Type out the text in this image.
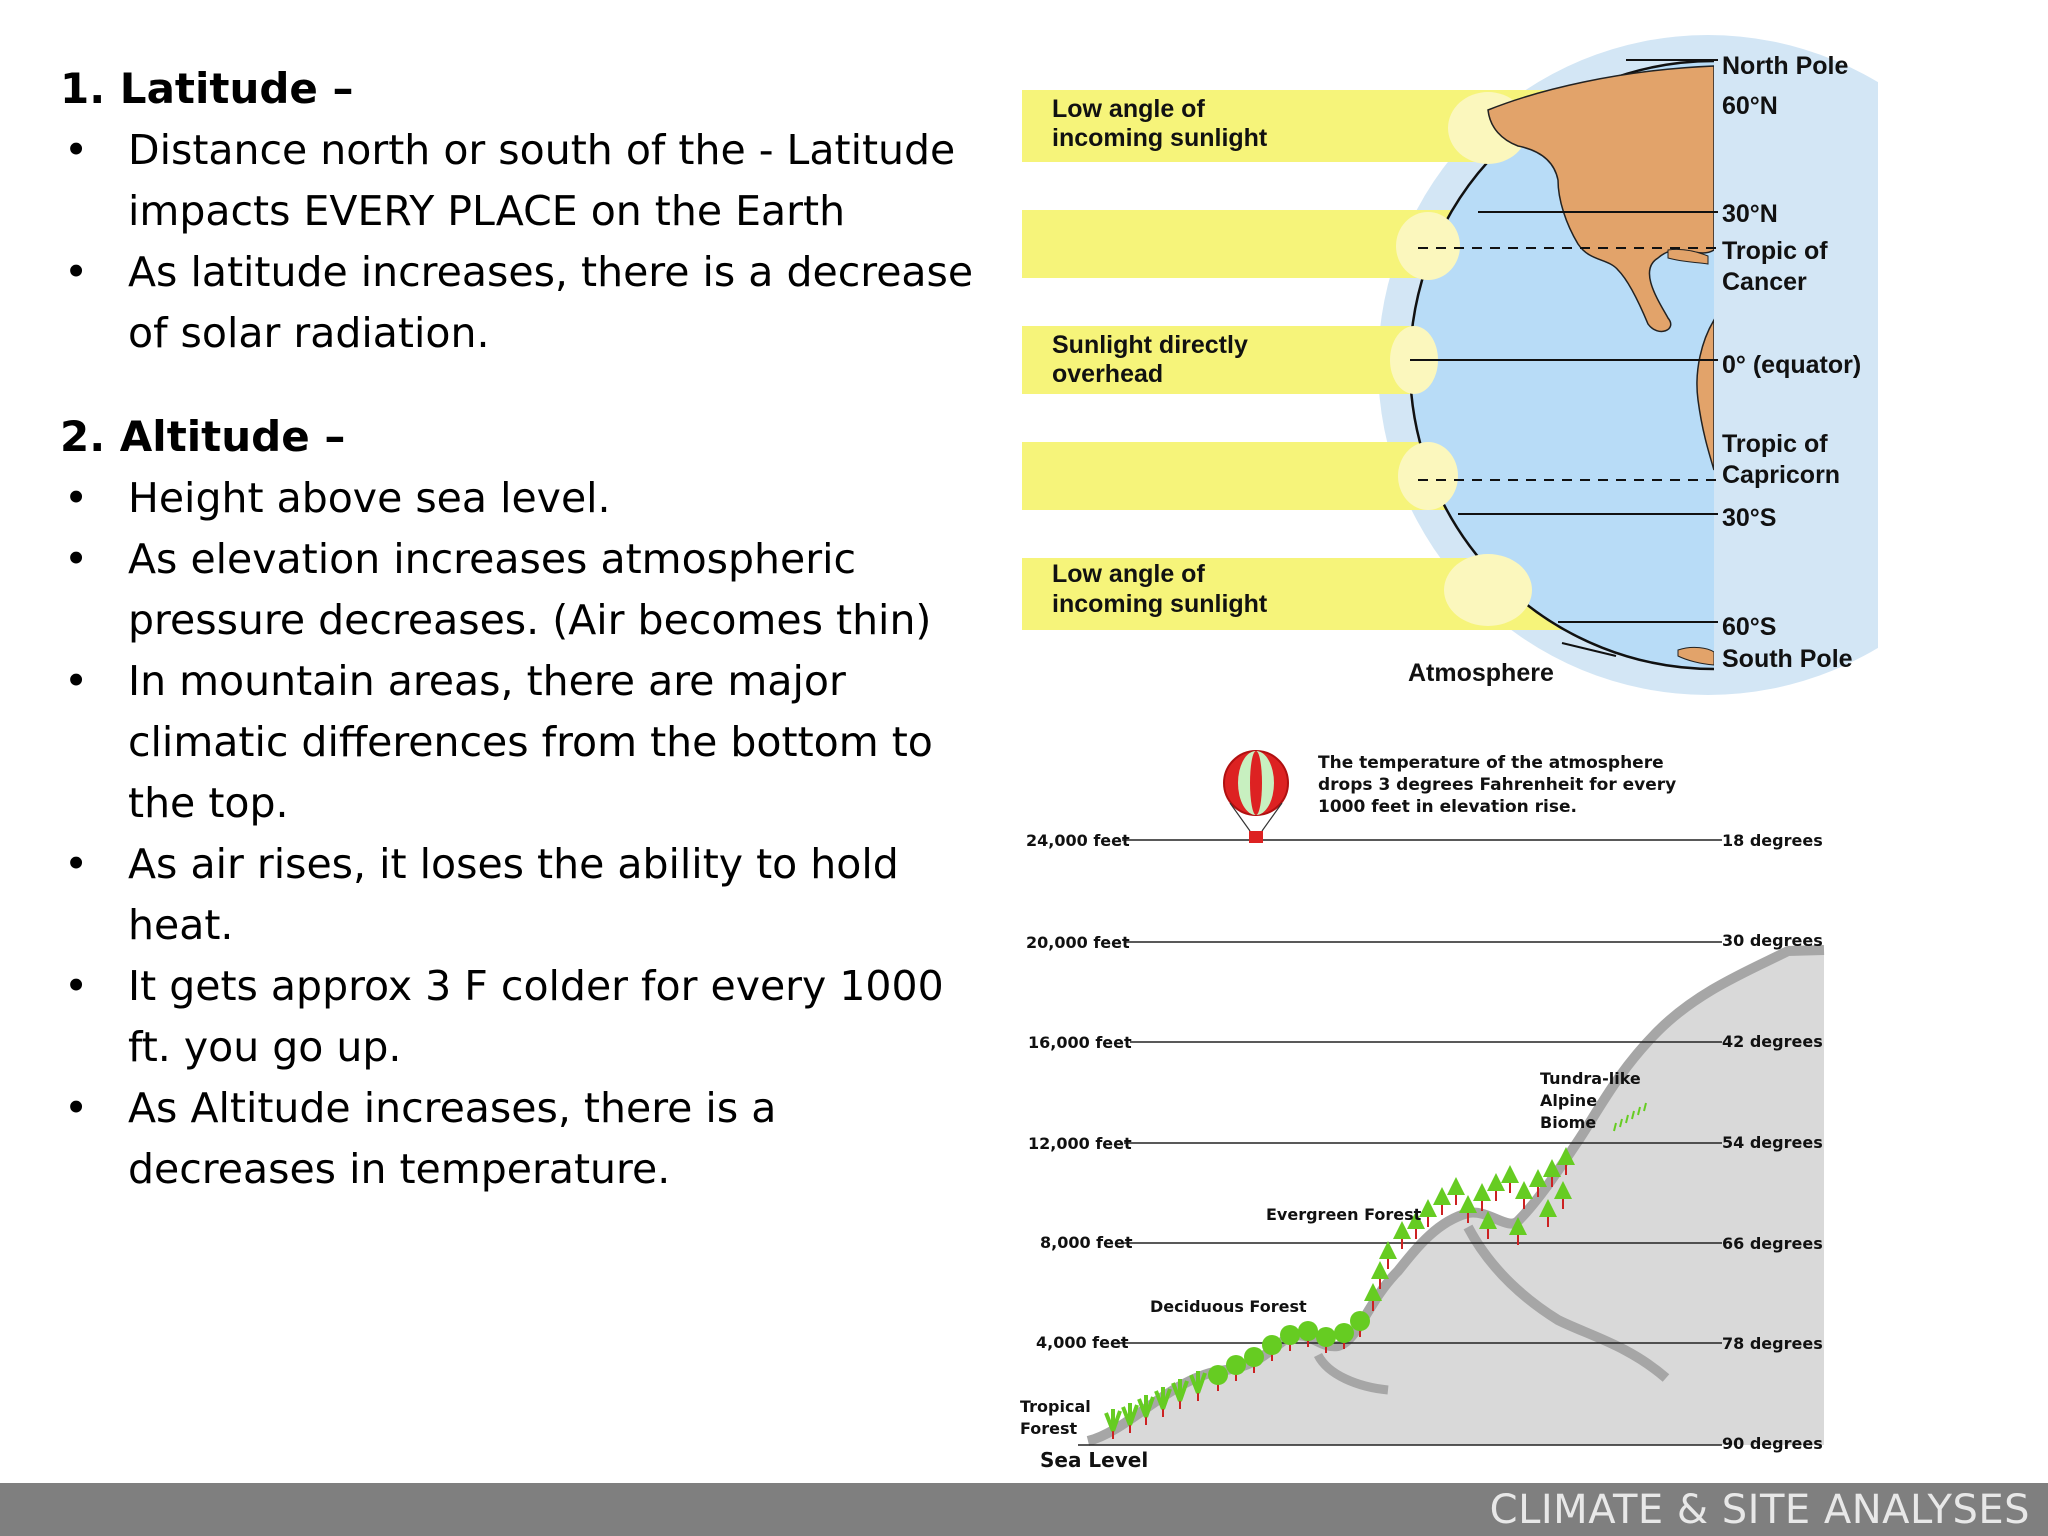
1. Latitude –
• Distance north or south of the - Latitude impacts EVERY PLACE on the Earth
• As latitude increases, there is a decrease of solar radiation.
2. Altitude –
• Height above sea level.
• As elevation increases atmospheric pressure decreases. (Air becomes thin)
• In mountain areas, there are major climatic differences from the bottom to the top.
• As air rises, it loses the ability to hold heat.
• It gets approx 3 F colder for every 1000 ft. you go up.
• As Altitude increases, there is a decreases in temperature.
Low angle of
incoming sunlight
Sunlight directly
overhead
Low angle of
incoming sunlight
North Pole
60°N
30°N
Tropic of
Cancer
0° (equator)
Tropic of
Capricorn
30°S
60°S
South Pole
Atmosphere
The temperature of the atmosphere
drops 3 degrees Fahrenheit for every
1000 feet in elevation rise.
24,000 feet
20,000 feet
16,000 feet
12,000 feet
8,000 feet
4,000 feet
18 degrees
30 degrees
42 degrees
54 degrees
66 degrees
78 degrees
90 degrees
Tropical
Forest
Deciduous Forest
Evergreen Forest
Tundra-like
Alpine
Biome
Sea Level
CLIMATE & SITE ANALYSES
